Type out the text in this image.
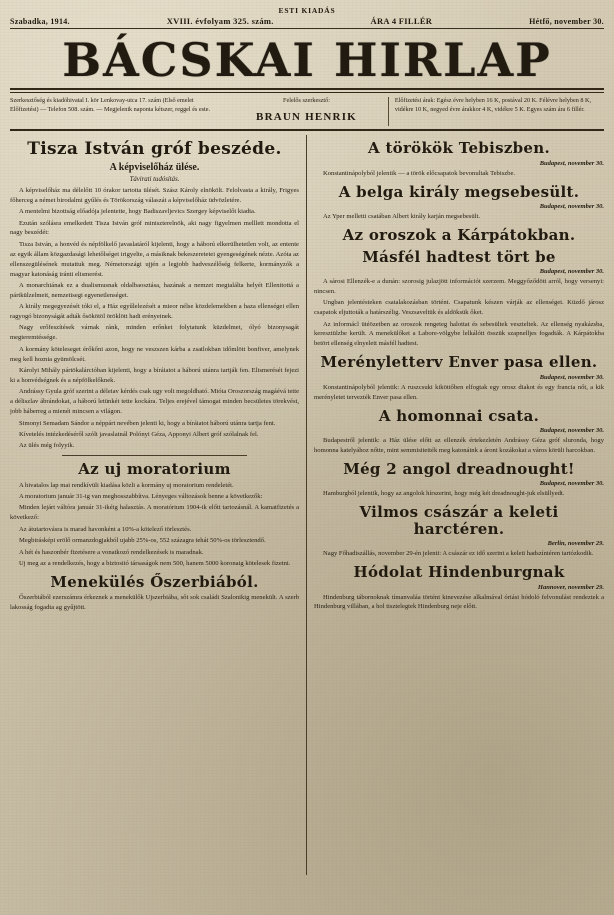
ESTI KIADÁS
Szabadka, 1914.	XVIII. évfolyam 325. szám.	ÁRA 4 FILLÉR	Hétfő, november 30.
BÁCSKAI HIRLAP
Szerkesztőség és kiadóhivatal I. kör Lenkovay-utca 17. szám (Első emelet Előfizetési) — Telefon 508. szám. — Megjelenik naponta kétszer, reggel és este.
Felelős szerkesztő:
BRAUN HENRIK
Előfizetési árak: Egész évre helyben 16 K, postával 20 K. Félévre helyben 8 K, vidékre 10 K, negyed évre árakkor 4 K, vidékre 5 K. Egyes szám ára 6 fillér.
Tisza István gróf beszéde.
A képviselőház ülése.
Távirati tudósítás.

A képviselőház ma délelőtt 10 órakor tartotta ülését. Szász Károly elnökölt. Felolvasta a király, Frigyes főherceg a német birodalmi gyűlés és Törökország válaszát a képviselőház üdvözletére.

A mentelmi bizottság előadója jelentette, hogy Badiszavljevics Szergey képviselőt kiadta.

Ezután szólásra emelkedett Tisza István gróf miniszterelnök, aki nagy figyelmen melllett mondotta el nagy beszédét:

Tisza István, a honvéd és népfölkelő javaslatáról kijelenti, hogy a háború elkerülhetetlen volt, az entente az egyik állam közgazdasági lehetőlséget irigyelte, a másiknak bekeszeretetei gyengeségének nézte. Azóta az ellenszegülésének mutattuk meg. Németországi ujjén a legjobb hadveszélőség felkerte, kormányzók a magyar katonáság iránti elismerést.

A monarchiának ez a dualismusnak oldalbaosztása, hazának a nemzet megtalálta helyét Ellenitottá a pártkülzelmeit, nemzetisegi egyenetlenséget.

A király megegyezését tóki el, a Ház egyűlelezését a mieor nélse közdelemekben a haza ellenségei ellen ragyogó bizonyságát adták ősökötöl öröklött hadi erényeinek.

Nagy erőfeszítések várnak ránk, minden erőnket folytatunk küzdelmet, ólyó bizonysagát megteremtéssége.

A kormány köteleseget érőkőni azon, hogy ne veszszen kárba a zsatlokban időmlött bonfiver, amelynek meg kell hoznia gyümölcsét.

Károlyi Mihály pártökalárcióban kijelenti, hogy a bíráiatot a háború utánra tartják fen. Elismerését fejezi ki a honvédségnek és a népfölkelőknek.

Andrássy Gyula gróf szerint a déleiav kérdés csak ugy volt megoldható. Mióta Oroszország magáévá tette a déliszlav ábrándokat, a háború letünkét tette kockára. Teljes erejével támogat minden becsületes törekvést, jobb háberreg a mienéi mincsen a világon.

Simonyi Semadam Sándor a néppárt nevében jelenti ki, hogy a bíráiatot háború utánra tartja fent.

Kívetelés intézkedéséről szólt javaslatnál Polónyi Géza, Apponyi Albert gróf szólalnak fel.

Az ülés még folyyik.

Az uj moratorium

A hivatalos lap mai rendkívüli kiadása közli a kormány uj moratorium rendeletét.

A moratorium január 31-ig van meghosszabbítva. Lényeges változások benne a következők:

Minden lejárt váltóra január 31-ikéig halasztás. A moratórium 1904-ik előtt tartozásnál. A kamatfizetés a következő:

Az átutartovásra is marad havonként a 10%-a kötelező törlesztés.

Megbirásképi erölő ormanzdogjakból ujabb 25%-os, 552 százagra tehát 50%-os törlesztendő.

A hét és haszonbér fizetésere a vonatkozó rendelkezések is maradnak.

Uj meg az a rendelkezés, hogy a biztositó társaságok nem 500, hanem 5000 koronaig kötelesek fizetni.

Menekülés Őszerbiából.

Őszerbiából ezerszámra érkeznek a menekülők Ujszerbiába, sőt sok családi Szalonikig menekült. A szerb lakosság fogadta ag gyűjtött.

A törökök Tebiszben.
Budapest, november 30.

Konstantinápolyból jelentik — a török előcsapatok bevonultak Tebiszbe.

A belga király megsebesült.
Budapest, november 30.

Az Yper melletti csatában Albert király karján megsebesült.

Az oroszok a Kárpátokban.
Másfél hadtest tört be
Budapest, november 30.

A sárosi Ellenzék-e a dunán: szorosig julazjött információt szerzem. Meggyőződött arról, hogy versenyi: nincsen.

Ungban jelentésteken csatalakozásban történt. Csapatunk készen várják az ellenséget. Küzdő járosz csapatok eljuttoták a határszélig. Veszsaveltük és aldöksük őket.

Az informácl ütéözetben az oroszok rengeteg halottat és sebesültek veszteltek. Az ellenség nyakázsba, keresztülzbe került. A menekülőket a Labore-völgybe lelkálótt összük szapnelljes fogadták. A Kárpátokba betört ellenség elnyelett másfél hadtest.

Merényletterv Enver pasa ellen.
Budapest, november 30.

Konstantinápolyból jelentik: A ruszcsuki kiköttőben elfogtak egy orosz diakot és egy francia nőt, a kik merényletet tervezték Enver pasa ellen.

A homonnai csata.
Budapest, november 30.

Budapestről jelentik: a Ház ülése előtt az ellenzék értekezletén Andrássy Géza gróf sluronda, hogy homonna katelyához nőtte, mint semmisitették meg katonáink a ároni kozákokat a város körüli harcokban.

Még 2 angol dreadnought!
Budapest, november 30.

Hamburgból jelentik, hogy az angolok hírszerint, hogy még két dreadnought-juk elsüllyedt.

Vilmos császár a keleti harctéren.
Berlin, november 29.

Nagy Főhadiszállás, november 29-én jelenti: A császár ez idő szerint a keleti hadszíntéren tartózkodik.

Hódolat Hindenburgnak
Hannover, november 29.

Hindenburg tábornoknak tímanvaláa történt kinevezése alkalmával óriási hódoló felvonulást rendeztek a Hindenburg villában, a hol tisztelegtek Hindenburg neje előtt.
